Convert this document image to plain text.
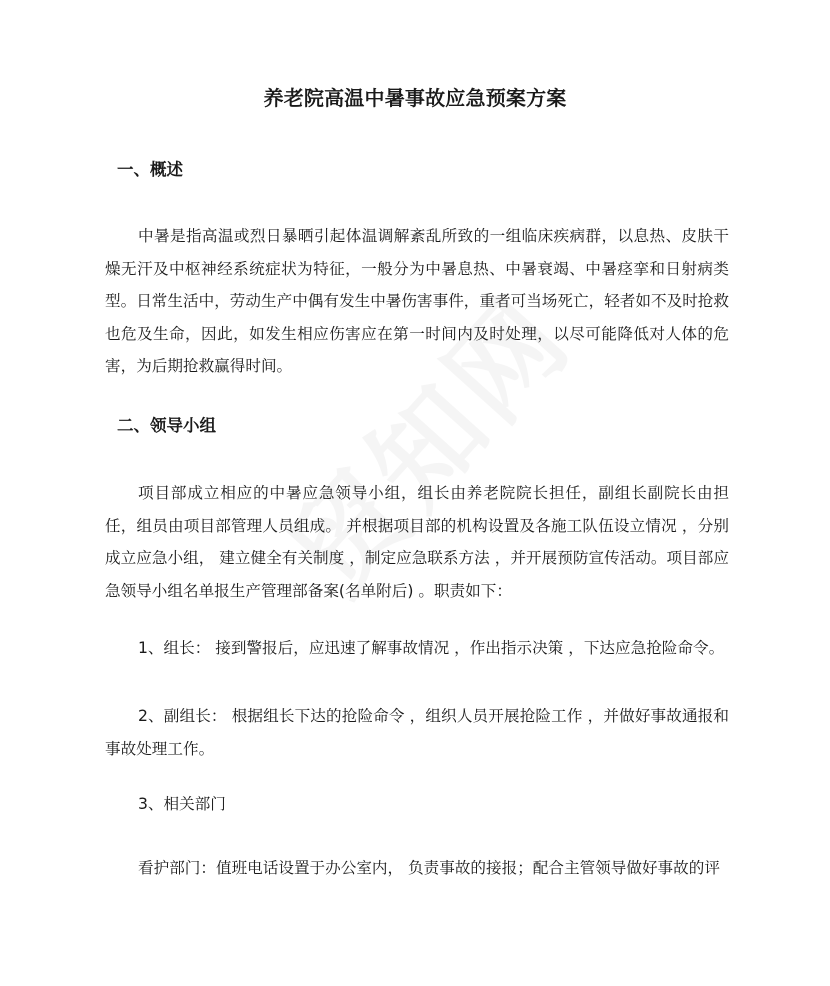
养老院高温中暑事故应急预案方案
一、概述
中暑是指高温或烈日暴晒引起体温调解紊乱所致的一组临床疾病群，以息热、皮肤干燥无汗及中枢神经系统症状为特征，一般分为中暑息热、中暑衰竭、中暑痉挛和日射病类型。日常生活中，劳动生产中偶有发生中暑伤害事件，重者可当场死亡，轻者如不及时抢救也危及生命，因此，如发生相应伤害应在第一时间内及时处理，以尽可能降低对人体的危害，为后期抢救赢得时间。
二、领导小组
项目部成立相应的中暑应急领导小组，组长由养老院院长担任，副组长副院长由担任，组员由项目部管理人员组成。 并根据项目部的机构设置及各施工队伍设立情况 ，分别成立应急小组， 建立健全有关制度 ，制定应急联系方法 ，并开展预防宣传活动。项目部应急领导小组名单报生产管理部备案(名单附后) 。职责如下：
1、组长： 接到警报后，应迅速了解事故情况 ，作出指示决策 ，下达应急抢险命令。
2、副组长： 根据组长下达的抢险命令 ，组织人员开展抢险工作 ，并做好事故通报和事故处理工作。
3、相关部门
看护部门：值班电话设置于办公室内， 负责事故的接报；配合主管领导做好事故的评
